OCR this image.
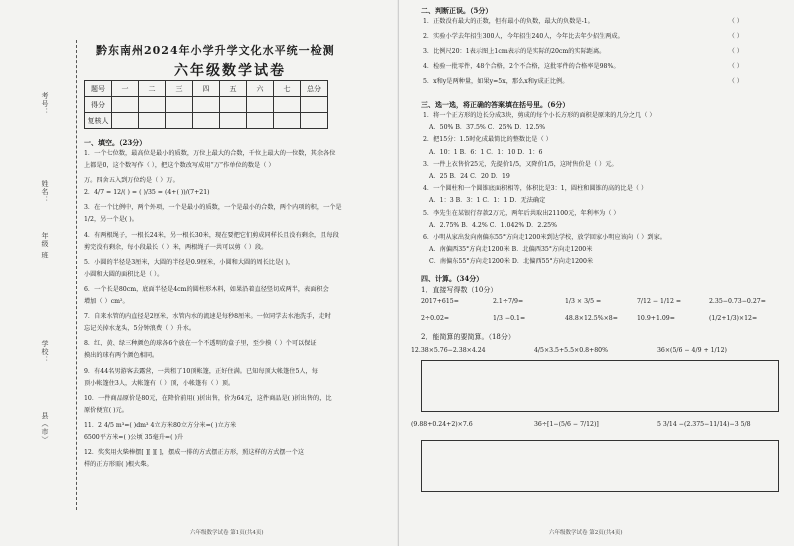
考号：
姓名：
年级 班
学校：
县（市）
黔东南州2024年小学升学文化水平统一检测
六年级数学试卷
题号	一	二	三	四	五	六	七	总分
得分								
复核人								
一、填空。（23分）
1．一个七位数，最高位是最小的质数，万位上最大的合数，千位上最大的一位数，其余各位
上都是0，这个数写作（ ），把这个数改写成用“万”作单位的数是（ ）
万。四舍五入到万位约是（ ）万。
2．4/7 = 12/( ) = ( )/35 = (4+( ))/(7+21)
3．在一个比例中，两个外项，一个是最小的质数，一个是最小的合数，两个内项的积，一个是
1/2，另一个是( )。
4．有两根绳子，一根长24米，另一根长30米，现在要把它们剪成同样长且没有剩余，且每段
剪完没有剩余，每小段最长（ ）米，两根绳子一共可以剪（ ）段。
5．小圆的半径是3厘米，大圆的半径是0.9厘米，小圆和大圆的周长比是( )，
小圆和大圆的面积比是（ ）。
6．一个长是80cm，底面半径是4cm的圆柱形木料，如果沿着直径竖切成两半，表面积会
增加（ ）cm²。
7．自来水管的内直径是2厘米，水管内水的流速是每秒8厘米。一位同学去水池洗手，走时
忘记关掉水龙头，5分钟浪费（ ）升水。
8．红、黄、绿三种颜色的球各6个放在一个不透明的盒子里，至少摸（ ）个可以保证
摸出的球有两个颜色相同。
9．有44名男游客去露营，一共租了10顶帐篷，正好住满。已知每顶大帐篷住5人，每
顶小帐篷住3人，大帐篷有（ ）顶，小帐篷有（ ）顶。
10．一件商品原价是80元，在降价前用( )折出售，价为64元，这件商品是( )折出售的，比
原价便宜( )元。
11．2 4/5 m³=( )dm³ 4立方米80立方分米=( )立方米
6500平方米=( )公顷 35毫升=( )升
12．奖奖用火柴棒摆[ ][ ][ ]，摆成一排的方式摆正方形，照这样的方式摆一个这
样的正方形需( )根火柴。
六年级数学试卷 第1页(共4页)
二、判断正误。（5分）
1．正数没有最大的正数，但有最小的负数，最大的负数是-1。	（ ）
2．实验小学去年招生300人，今年招生240人，今年比去年少招生两成。	（ ）
3．比例尺20：1表示图上1cm表示的是实际的20cm的实际距离。	（ ）
4．检验一批零件，48个合格，2个不合格，这批零件的合格率是98%。	（ ）
5．x和y是两种量，如果y=5x，那么x和y成正比例。	（ ）
三、选一选，将正确的答案填在括号里。（6分）
1．将一个正方形的边长分成3块，剪成的每个小长方形的面积是原来的几分之几（ ）
A．50% B．37.5% C．25% D．12.5%
2．把15分：1.5时化成最简比的整数比是（ ）
A．10：1 B．6：1 C．1：10 D．1：6
3．一件上衣售价25元，先提价1/5，又降价1/5，这时售价是（ ）元。
A．25 B．24 C．20 D．19
4．一个圆柱和一个圆锥底面积相等，体积比是3：1，圆柱和圆锥的高的比是（ ）
A．1：3 B．3：1 C．1：1 D．无法确定
5．李先生在某银行存款2万元，两年后共取出21100元，年利率为（ ）
A．2.75% B．4.2% C．1.042% D．2.25%
6．小明从家出发向南偏东55°方向走1200米到达学校，放学回家小明应该向（ ）到家。
A．南偏西35°方向走1200米 B．北偏西35°方向走1200米
C．南偏东55°方向走1200米 D．北偏西55°方向走1200米
四、计算。（34分）
1．直接写得数（10分）
2017+615=	2.1÷7/9=	1/3 × 3/5 =	7/12 − 1/12 =	2.35−0.73−0.27=
2÷0.02=	1/3 −0.1=	48.8×12.5%×8=	10.9+1.09=	(1/2+1/3)×12=
2．能简算的要简算。（18分）
12.38×5.76−2.38×4.24	4/5×3.5+5.5×0.8+80%	36×(5/6 − 4/9 + 1/12)
(9.88+0.24+2)×7.6	36÷[1−(5/6 − 7/12)]	5 3/14 −(2.375−11/14)−3 5/8
六年级数学试卷 第2页(共4页)
